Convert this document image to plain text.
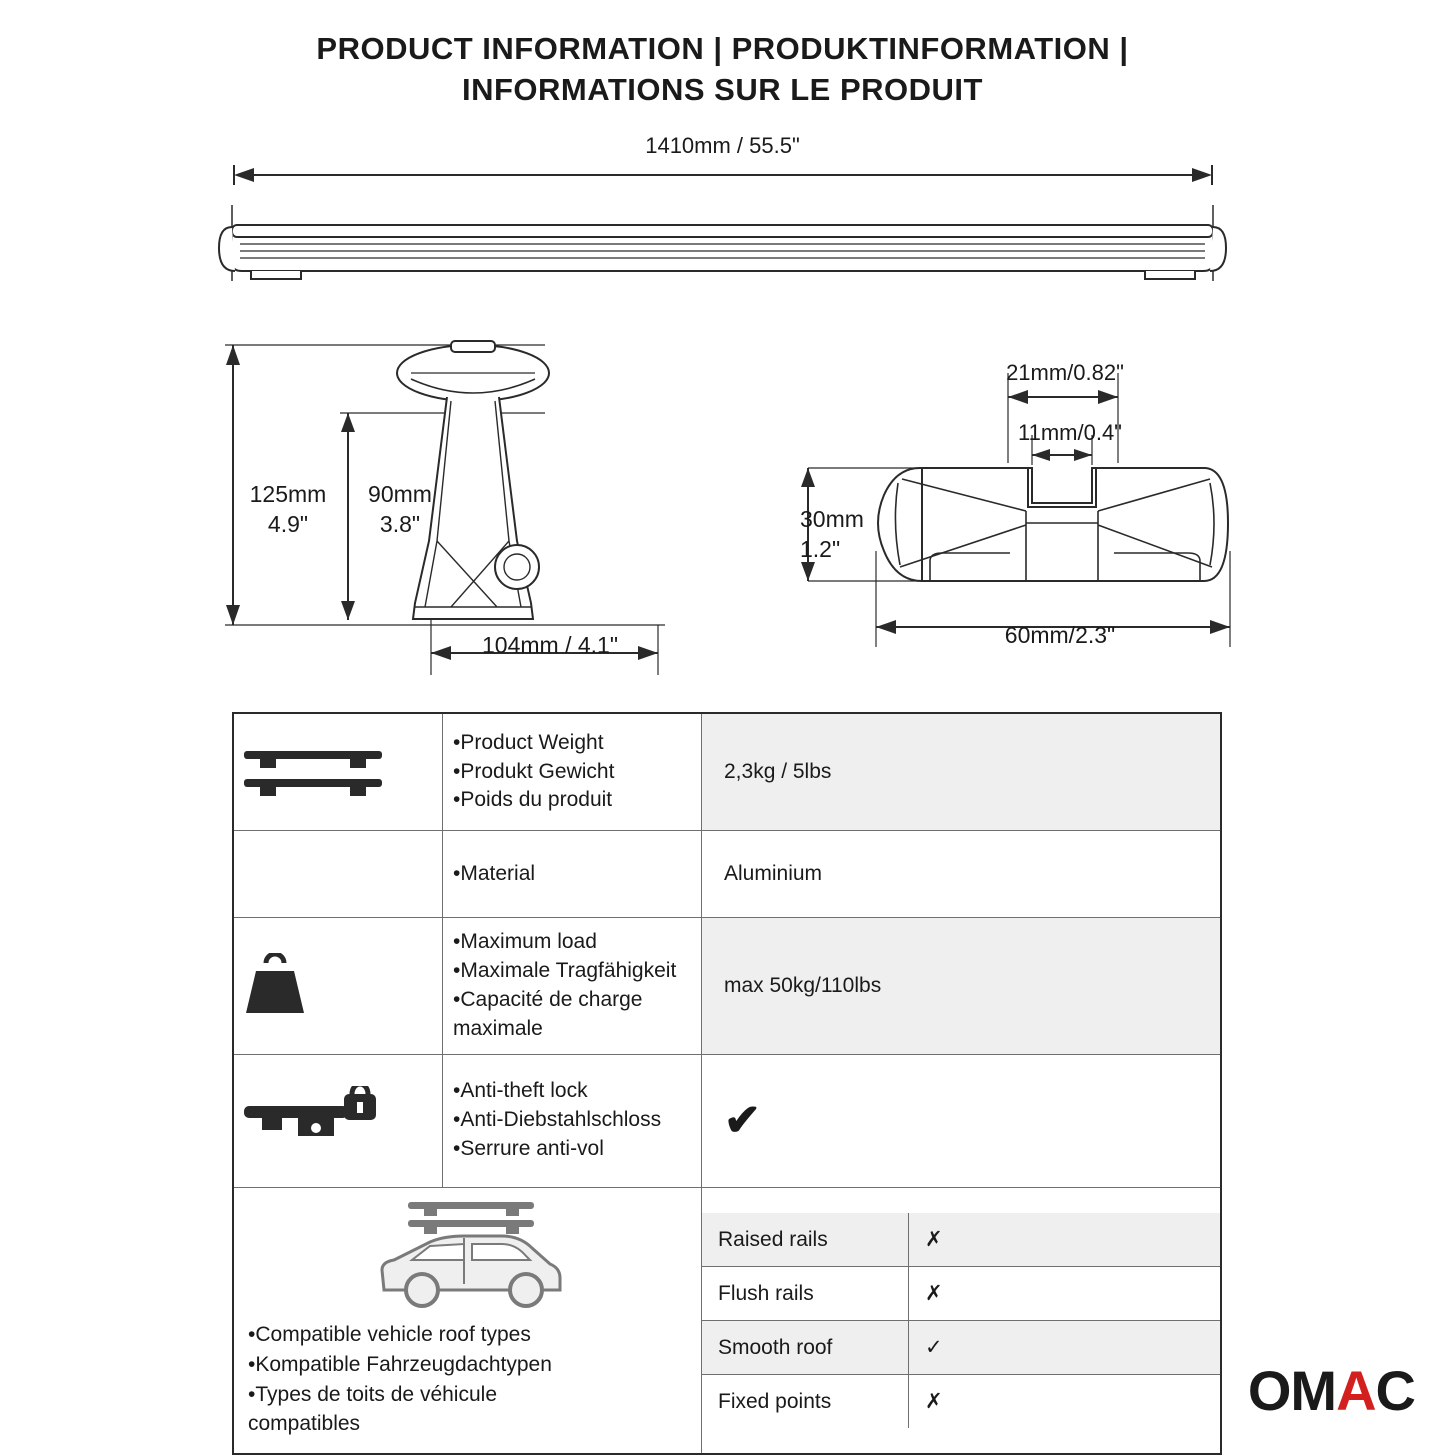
PRODUCT INFORMATION | PRODUKTINFORMATION |
INFORMATIONS SUR LE PRODUIT
1410mm / 55.5"
125mm
4.9"
90mm
3.8"
104mm / 4.1"
21mm/0.82"
11mm/0.4"
30mm
1.2"
60mm/2.3"

•Product Weight
•Produkt Gewicht
•Poids du produit
	2,3kg / 5lbs

•Material	Aluminium

•Maximum load
•Maximale Tragfähigkeit
•Capacité de charge maximale
	max 50kg/110lbs

•Anti-theft lock
•Anti-Diebstahlschloss
•Serrure anti-vol
	✔

•Compatible vehicle roof types
•Kompatible Fahrzeugdachtypen
•Types de toits de véhicule
compatibles

Raised rails	✗
Flush rails	✗
Smooth roof	✓
Fixed points	✗	OM A C
